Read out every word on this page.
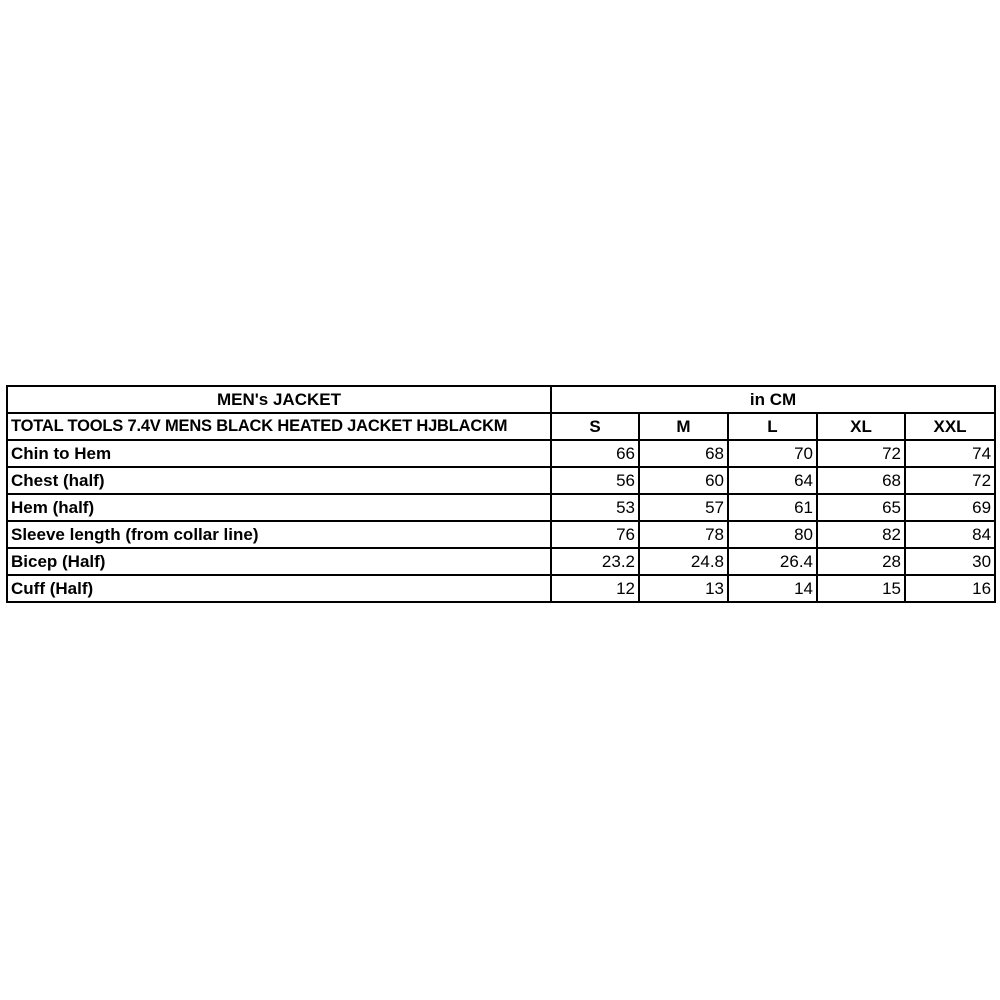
MEN's JACKET	in CM				
TOTAL TOOLS 7.4V MENS BLACK HEATED JACKET HJBLACKM	S	M	L	XL	XXL
Chin to Hem	66	68	70	72	74
Chest (half)	56	60	64	68	72
Hem (half)	53	57	61	65	69
Sleeve length (from collar line)	76	78	80	82	84
Bicep (Half)	23.2	24.8	26.4	28	30
Cuff (Half)	12	13	14	15	16
